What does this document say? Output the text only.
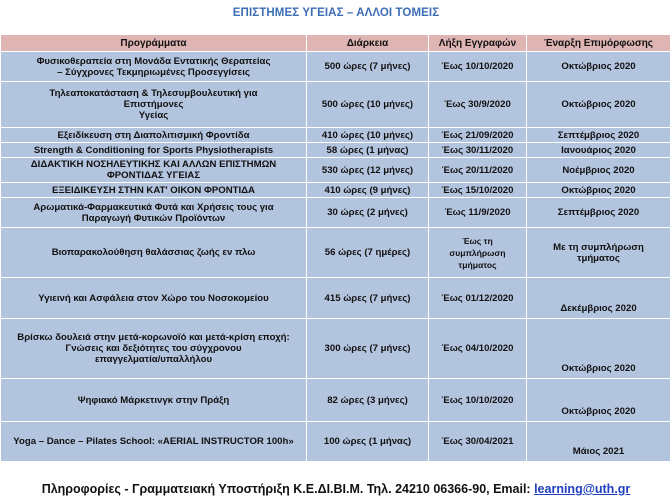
ΕΠΙΣΤΗΜΕΣ ΥΓΕΙΑΣ – ΑΛΛΟΙ ΤΟΜΕΙΣ
Προγράμματα	Διάρκεια	Λήξη Εγγραφών	Έναρξη Επιμόρφωσης

Φυσικοθεραπεία στη Μονάδα Εντατικής Θεραπείας
– Σύγχρονες Τεκμηριωμένες Προσεγγίσεις	500 ώρες (7 μήνες)	Έως 10/10/2020	Οκτώβριος 2020

Τηλεαποκατάσταση & Τηλεσυμβουλευτική για
Επιστήμονες
Υγείας	500 ώρες (10 μήνες)	Έως 30/9/2020	Οκτώβριος 2020

Εξειδίκευση στη Διαπολιτισμική Φροντίδα	410 ώρες (10 μήνες)	Έως 21/09/2020	Σεπτέμβριος 2020

Strength & Conditioning for Sports Physiotherapists	58 ώρες (1 μήνας)	Έως 30/11/2020	Ιανουάριος 2020

ΔΙΔΑΚΤΙΚΗ ΝΟΣΗΛΕΥΤΙΚΗΣ ΚΑΙ ΑΛΛΩΝ ΕΠΙΣΤΗΜΩΝ
ΦΡΟΝΤΙΔΑΣ ΥΓΕΙΑΣ	530 ώρες (12 μήνες)	Έως 20/11/2020	Νοέμβριος 2020

ΕΞΕΙΔΙΚΕΥΣΗ ΣΤΗΝ ΚΑΤ' ΟΙΚΟΝ ΦΡΟΝΤΙΔΑ	410 ώρες (9 μήνες)	Έως 15/10/2020	Οκτώβριος 2020

Αρωματικά-Φαρμακευτικά Φυτά και Χρήσεις τους για
Παραγωγή Φυτικών Προϊόντων	30 ώρες (2 μήνες)	Έως 11/9/2020	Σεπτέμβριος 2020

Βιοπαρακολούθηση θαλάσσιας ζωής εν πλω	56 ώρες (7 ημέρες)	Έως τη συμπλήρωση τμήματος	Με τη συμπλήρωση τμήματος

Υγιεινή και Ασφάλεια στον Χώρο του Νοσοκομείου	415 ώρες (7 μήνες)	Έως 01/12/2020	Δεκέμβριος 2020

Βρίσκω δουλειά στην μετά-κορωνοϊό και μετά-κρίση εποχή:
Γνώσεις και δεξιότητες του σύγχρονου
επαγγελματία/υπαλλήλου	300 ώρες (7 μήνες)	Έως 04/10/2020	Οκτώβριος 2020

Ψηφιακό Μάρκετινγκ στην Πράξη	82 ώρες (3 μήνες)	Έως 10/10/2020	Οκτώβριος 2020

Yoga – Dance – Pilates School: «AERIAL INSTRUCTOR 100h»	100 ώρες (1 μήνας)	Έως 30/04/2021	Μάιος 2021
Πληροφορίες - Γραμματειακή Υποστήριξη Κ.Ε.ΔΙ.ΒΙ.Μ. Τηλ. 24210 06366-90, Email: learning@uth.gr
